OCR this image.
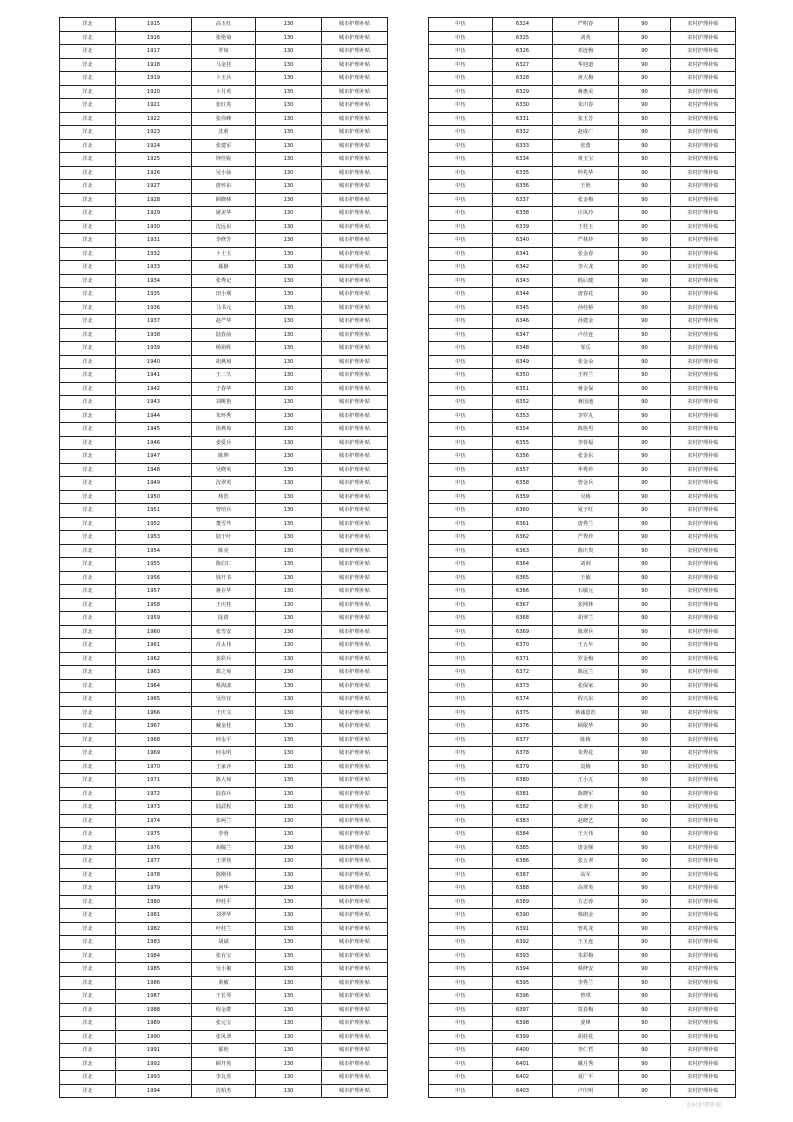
洋北	1915	高玉红	130	城市护理补贴
洋北	1916	张艳菊	130	城市护理补贴
洋北	1917	罗琼	130	城市护理补贴
洋北	1918	马金挂	130	城市护理补贴
洋北	1919	卜玉兵	130	城市护理补贴
洋北	1920	卜月英	130	城市护理补贴
洋北	1921	张红英	130	城市护理补贴
洋北	1922	张伟峰	130	城市护理补贴
洋北	1923	沈莉	130	城市护理补贴
洋北	1924	张建军	130	城市护理补贴
洋北	1925	钟佳妮	130	城市护理补贴
洋北	1926	吴小仙	130	城市护理补贴
洋北	1927	唐怀东	130	城市护理补贴
洋北	1928	顾晓林	130	城市护理补贴
洋北	1929	屠美华	130	城市护理补贴
洋北	1930	沈远东	130	城市护理补贴
洋北	1931	李修芳	130	城市护理补贴
洋北	1932	卜士玉	130	城市护理补贴
洋北	1933	鄢静	130	城市护理补贴
洋北	1934	张秀记	130	城市护理补贴
洋北	1935	田小荆	130	城市护理补贴
洋北	1936	马书元	130	城市护理补贴
洋北	1937	赵严华	130	城市护理补贴
洋北	1938	陆春前	130	城市护理补贴
洋北	1939	杨裕辉	130	城市护理补贴
洋北	1940	胡燕琼	130	城市护理补贴
洋北	1941	王二久	130	城市护理补贴
洋北	1942	于春华	130	城市护理补贴
洋北	1943	刘桃艳	130	城市护理补贴
洋北	1944	朱怀秀	130	城市护理补贴
洋北	1945	徐燕琼	130	城市护理补贴
洋北	1946	姜爱兵	130	城市护理补贴
洋北	1947	陈坤	130	城市护理补贴
洋北	1948	吴晓英	130	城市护理补贴
洋北	1949	沈翠英	130	城市护理补贴
洋北	1950	杨浩	130	城市护理补贴
洋北	1951	曾培兵	130	城市护理补贴
洋北	1952	董雪芹	130	城市护理补贴
洋北	1953	陆于叶	130	城市护理补贴
洋北	1954	陈亮	130	城市护理补贴
洋北	1955	陈启仁	130	城市护理补贴
洋北	1956	钱开书	130	城市护理补贴
洋北	1957	蒋在华	130	城市护理补贴
洋北	1958	王庆桂	130	城市护理补贴
洋北	1959	陆倩	130	城市护理补贴
洋北	1960	张雪安	130	城市护理补贴
洋北	1961	肖太伟	130	城市护理补贴
洋北	1962	姜彩兵	130	城市护理补贴
洋北	1963	葛之琼	130	城市护理补贴
洋北	1964	蔡海波	130	城市护理补贴
洋北	1965	吴佳宜	130	城市护理补贴
洋北	1966	王庆文	130	城市护理补贴
洋北	1967	戴金桂	130	城市护理补贴
洋北	1968	何永平	130	城市护理补贴
洋北	1969	何永明	130	城市护理补贴
洋北	1970	王家齐	130	城市护理补贴
洋北	1971	陈大琼	130	城市护理补贴
洋北	1972	陆春兵	130	城市护理补贴
洋北	1973	陆武程	130	城市护理补贴
洋北	1974	张两兰	130	城市护理补贴
洋北	1975	李蓉	130	城市护理补贴
洋北	1976	胡佩兰	130	城市护理补贴
洋北	1977	王翠侠	130	城市护理补贴
洋北	1978	陈刚伟	130	城市护理补贴
洋北	1979	何华	130	城市护理补贴
洋北	1980	仲桂平	130	城市护理补贴
洋北	1981	刘翠华	130	城市护理补贴
洋北	1982	叶桂兰	130	城市护理补贴
洋北	1983	胡斌	130	城市护理补贴
洋北	1984	张有宝	130	城市护理补贴
洋北	1985	吴小俊	130	城市护理补贴
洋北	1986	黄敏	130	城市护理补贴
洋北	1987	王长琴	130	城市护理补贴
洋北	1988	程金群	130	城市护理补贴
洋北	1989	张元宝	130	城市护理补贴
洋北	1990	张凤翠	130	城市护理补贴
洋北	1991	郁艳	130	城市护理补贴
洋北	1992	顾开英	130	城市护理补贴
洋北	1993	李丸英	130	城市护理补贴
洋北	1994	沈柏杰	130	城市护理补贴
中伍	6324	严明春	90	农村护理补贴
中伍	6325	刘英	90	农村护理补贴
中伍	6326	邓连梅	90	农村护理补贴
中伍	6327	华迎道	90	农村护理补贴
中伍	6328	黄大梅	90	农村护理补贴
中伍	6329	蒋惠美	90	农村护理补贴
中伍	6330	朱川春	90	农村护理补贴
中伍	6331	张玉芳	90	农村护理补贴
中伍	6332	赵成广	90	农村护理补贴
中伍	6333	张蕾	90	农村护理补贴
中伍	6334	黄玉宝	90	农村护理补贴
中伍	6335	仲兆华	90	农村护理补贴
中伍	6336	王艳	90	农村护理补贴
中伍	6337	张金梅	90	农村护理补贴
中伍	6338	汪凤玲	90	农村护理补贴
中伍	6339	王桂玉	90	农村护理补贴
中伍	6340	严林珍	90	农村护理补贴
中伍	6341	张金春	90	农村护理补贴
中伍	6342	李大龙	90	农村护理补贴
中伍	6343	嵇后健	90	农村护理补贴
中伍	6344	唐春花	90	农村护理补贴
中伍	6345	孙桂桥	90	农村护理补贴
中伍	6346	孙建金	90	农村护理补贴
中伍	6347	卢佳连	90	农村护理补贴
中伍	6348	邹岳	90	农村护理补贴
中伍	6349	张金朵	90	农村护理补贴
中伍	6350	王梓兰	90	农村护理补贴
中伍	6351	蒋金保	90	农村护理补贴
中伍	6352	蒋国池	90	农村护理补贴
中伍	6353	李罗丸	90	农村护理补贴
中伍	6354	陈艳男	90	农村护理补贴
中伍	6355	李春福	90	农村护理补贴
中伍	6356	张金东	90	农村护理补贴
中伍	6357	华秀珍	90	农村护理补贴
中伍	6358	曾金兵	90	农村护理补贴
中伍	6359	吴梅	90	农村护理补贴
中伍	6360	夏子红	90	农村护理补贴
中伍	6361	唐秀兰	90	农村护理补贴
中伍	6362	严秀珍	90	农村护理补贴
中伍	6363	陈庆贵	90	农村护理补贴
中伍	6364	刘荆	90	农村护理补贴
中伍	6365	王敏	90	农村护理补贴
中伍	6366	石敏元	90	农村护理补贴
中伍	6367	张网林	90	农村护理补贴
中伍	6368	胡翠兰	90	农村护理补贴
中伍	6369	陈翠兵	90	农村护理补贴
中伍	6370	王五年	90	农村护理补贴
中伍	6371	罗金梅	90	农村护理补贴
中伍	6372	陈远兰	90	农村护理补贴
中伍	6373	张保家	90	农村护理补贴
中伍	6374	程兴东	90	农村护理补贴
中伍	6375	蒋诚恩浩	90	农村护理补贴
中伍	6376	顾依华	90	农村护理补贴
中伍	6377	陈梅	90	农村护理补贴
中伍	6378	朱秀花	90	农村护理补贴
中伍	6379	袁梅	90	农村护理补贴
中伍	6380	王小五	90	农村护理补贴
中伍	6381	陈晓军	90	农村护理补贴
中伍	6382	张翠玉	90	农村护理补贴
中伍	6383	赵晓艺	90	农村护理补贴
中伍	6384	王天伟	90	农村护理补贴
中伍	6385	唐金娣	90	农村护理补贴
中伍	6386	张五翠	90	农村护理补贴
中伍	6387	高军	90	农村护理补贴
中伍	6388	高翠英	90	农村护理补贴
中伍	6389	方志蓉	90	农村护理补贴
中伍	6390	蔡朗金	90	农村护理补贴
中伍	6391	曾兆龙	90	农村护理补贴
中伍	6392	王玉连	90	农村护理补贴
中伍	6393	朱彩梅	90	农村护理补贴
中伍	6394	蔡修安	90	农村护理补贴
中伍	6395	李秀兰	90	农村护理补贴
中伍	6396	曾琪	90	农村护理补贴
中伍	6397	莫春梅	90	农村护理补贴
中伍	6398	姜烽	90	农村护理补贴
中伍	6399	胡桂花	90	农村护理补贴
中伍	6400	李仁哲	90	农村护理补贴
中伍	6401	戴月秀	90	农村护理补贴
中伍	6402	夏广平	90	农村护理补贴
中伍	6403	卢庆明	90	农村护理补贴
农村护理补贴
